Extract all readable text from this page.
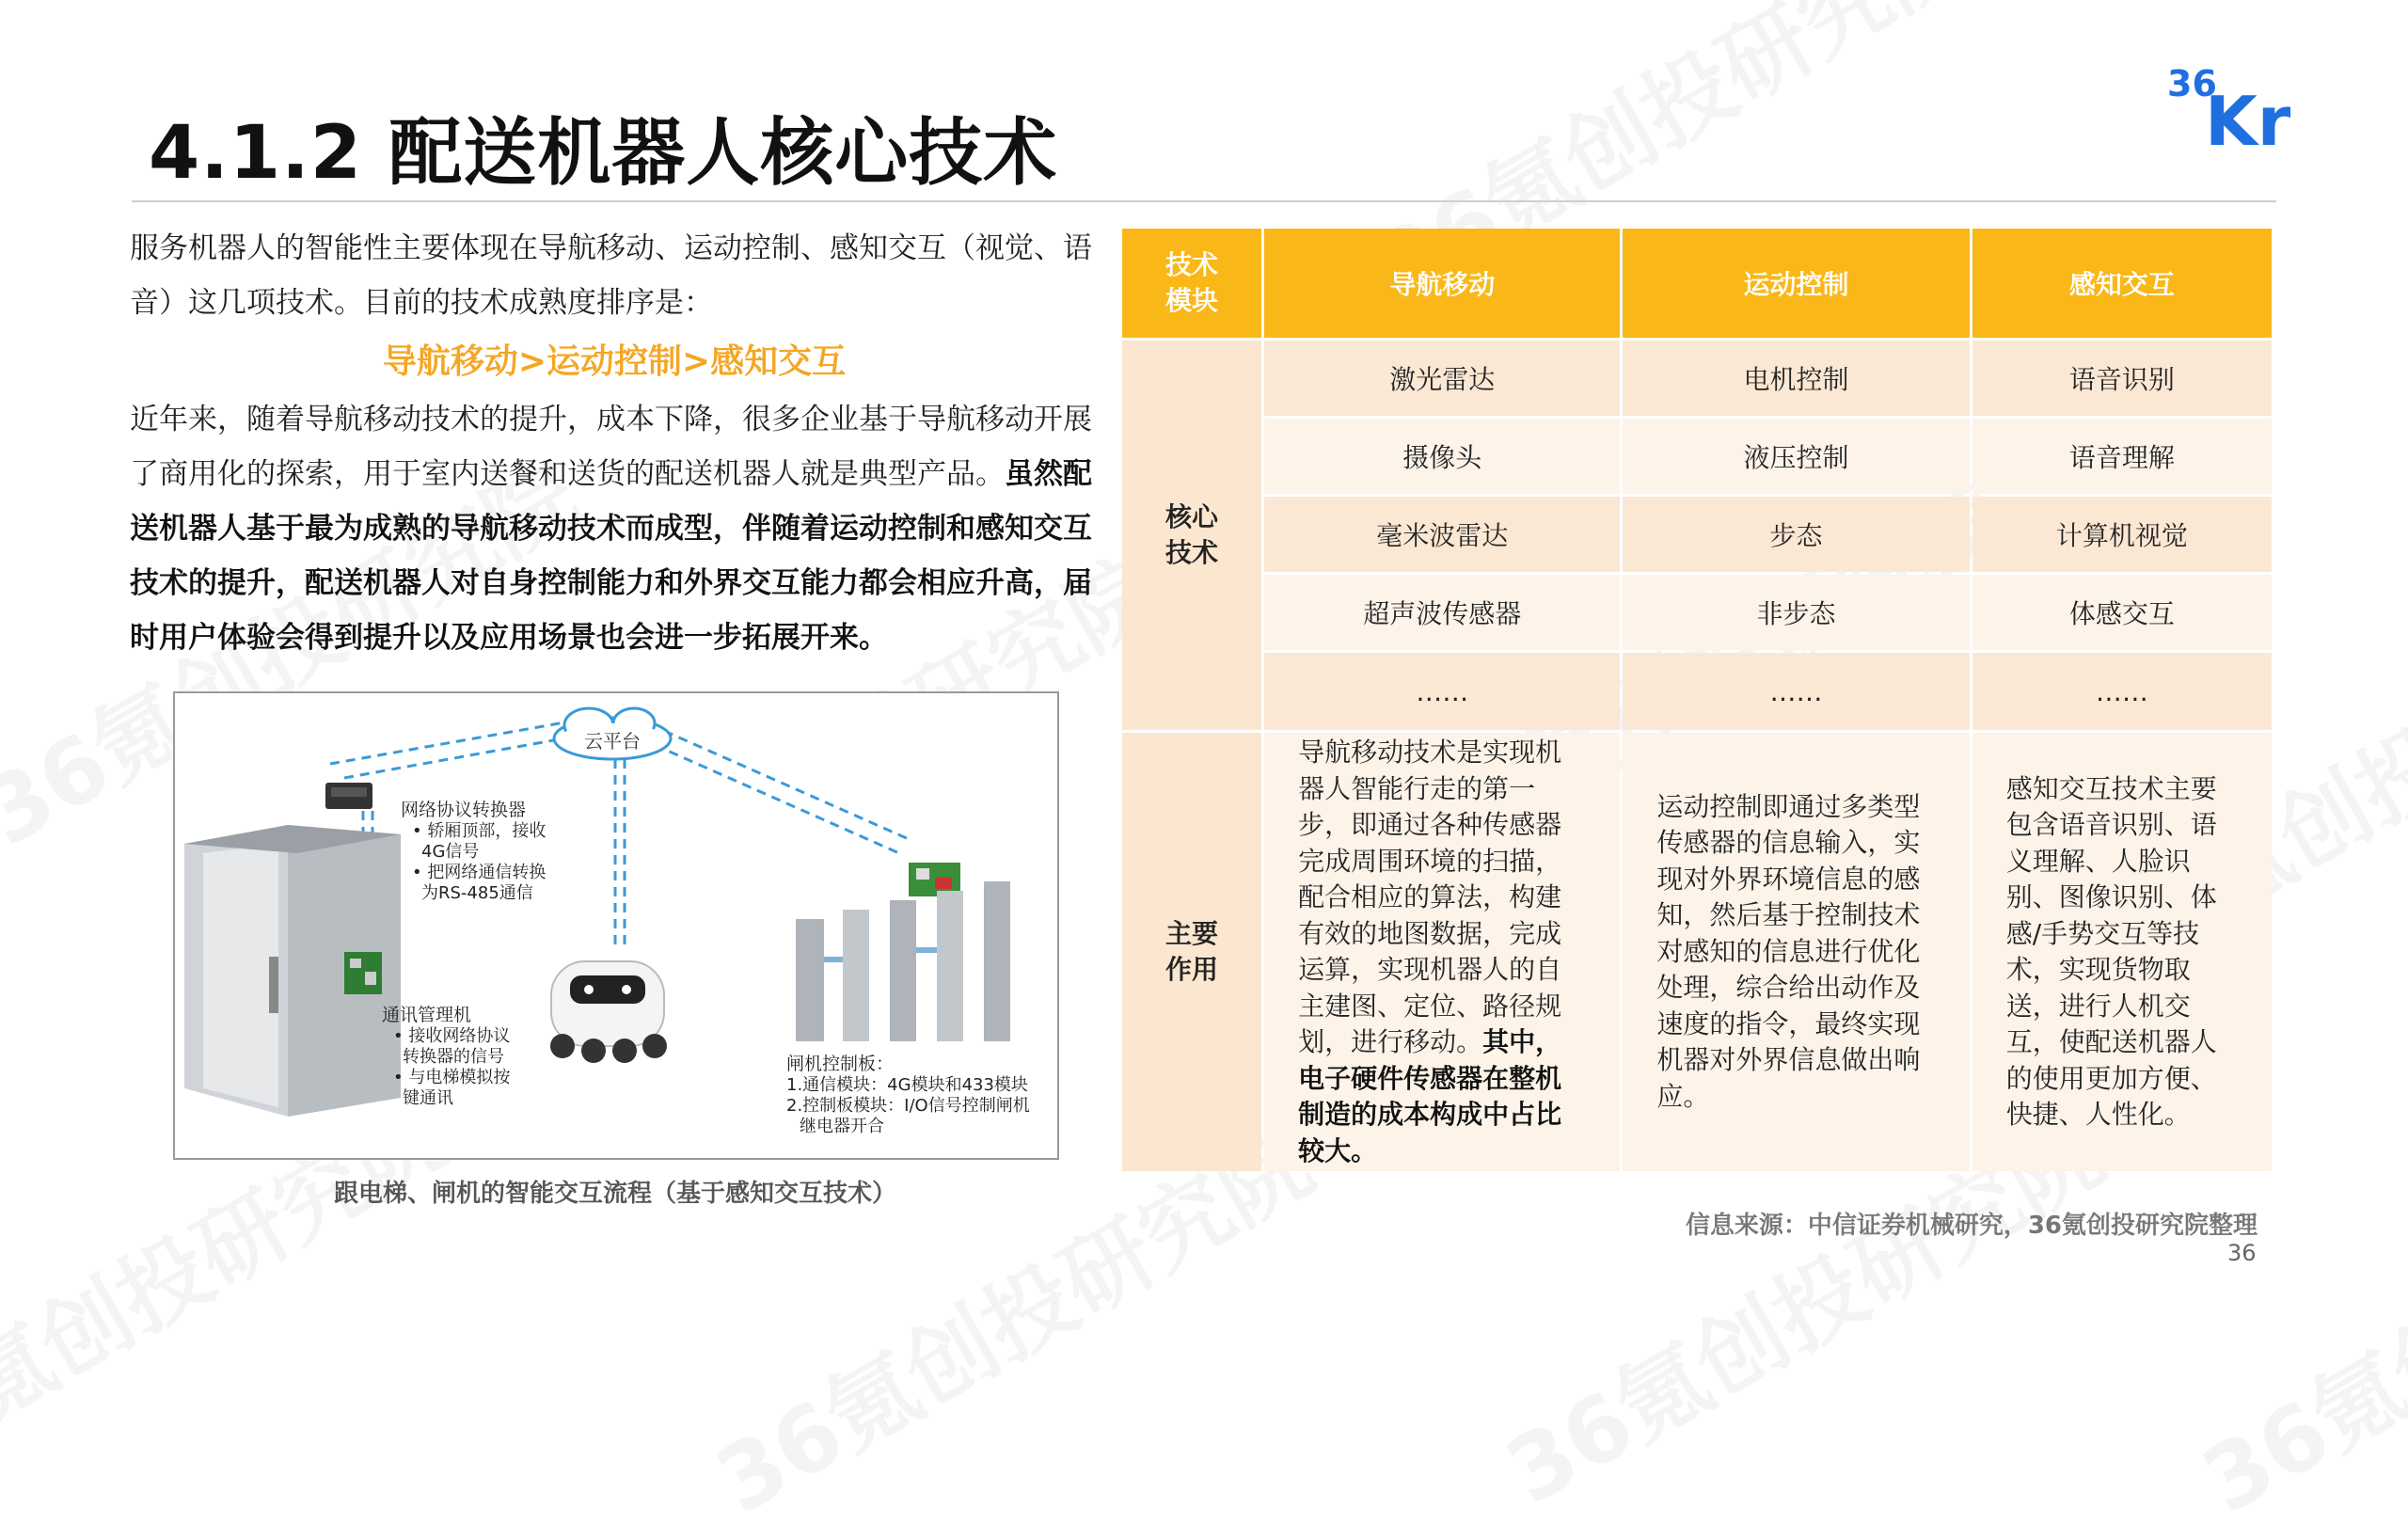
4.1.2 配送机器人核心技术
36
Kr

服务机器人的智能性主要体现在导航移动、运动控制、感知交互（视觉、语音）这几项技术。目前的技术成熟度排序是：

导航移动>运动控制>感知交互

近年来，随着导航移动技术的提升，成本下降，很多企业基于导航移动开展了商用化的探索，用于室内送餐和送货的配送机器人就是典型产品。虽然配送机器人基于最为成熟的导航移动技术而成型，伴随着运动控制和感知交互技术的提升，配送机器人对自身控制能力和外界交互能力都会相应升高，届时用户体验会得到提升以及应用场景也会进一步拓展开来。

云平台
网络协议转换器
• 轿厢顶部，接收
4G信号
• 把网络通信转换
为RS-485通信
通讯管理机
• 接收网络协议
转换器的信号
• 与电梯模拟按
键通讯
闸机控制板：
1.通信模块：4G模块和433模块
2.控制板模块：I/O信号控制闸机
继电器开合
跟电梯、闸机的智能交互流程（基于感知交互技术）
技术模块	导航移动	运动控制	感知交互
核心技术	激光雷达	电机控制	语音识别
	摄像头	液压控制	语音理解
	毫米波雷达	步态	计算机视觉
	超声波传感器	非步态	体感交互
	……	……	……
主要作用	导航移动技术是实现机器人智能行走的第一步，即通过各种传感器完成周围环境的扫描，配合相应的算法，构建有效的地图数据，完成运算，实现机器人的自主建图、定位、路径规划，进行移动。其中，电子硬件传感器在整机制造的成本构成中占比较大。	运动控制即通过多类型传感器的信息输入，实现对外界环境信息的感知，然后基于控制技术对感知的信息进行优化处理，综合给出动作及速度的指令，最终实现机器对外界信息做出响应。	感知交互技术主要包含语音识别、语义理解、人脸识别、图像识别、体感/手势交互等技术，实现货物取送，进行人机交互，使配送机器人的使用更加方便、快捷、人性化。
信息来源：中信证券机械研究，36氪创投研究院整理
36
